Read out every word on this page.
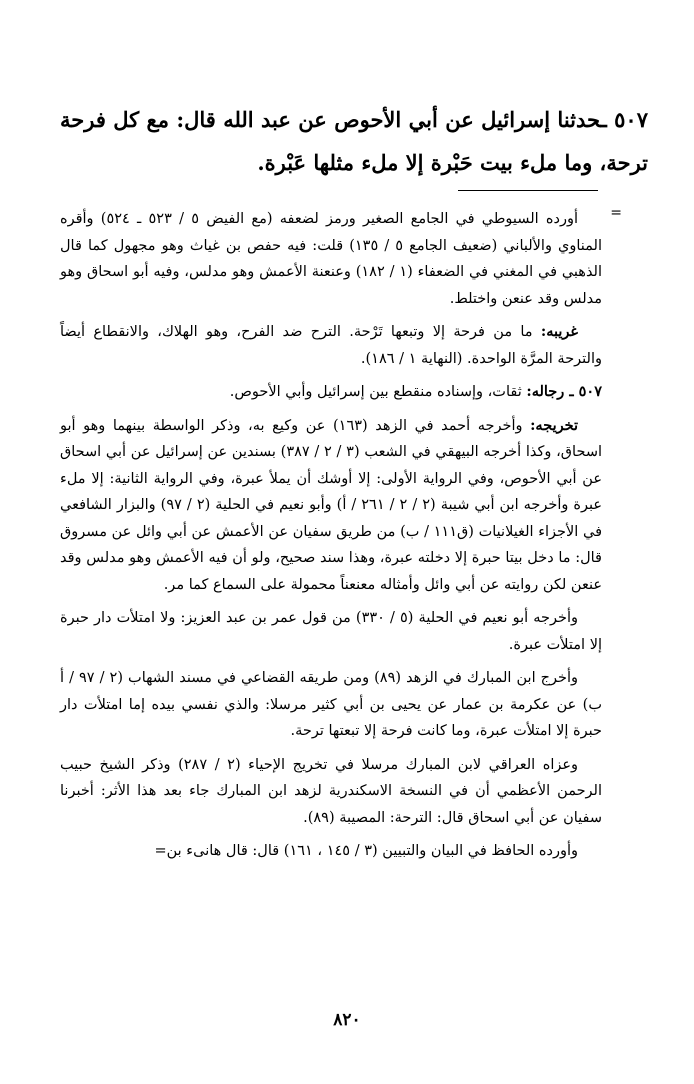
٥٠٧ ـحدثنا إسرائيل عن أبي الأحوص عن عبد الله قال: مع كل فرحة ترحة، وما ملء بيت حَبْرة إلا ملء مثلها عَبْرة.
=

أورده السيوطي في الجامع الصغير ورمز لضعفه (مع الفيض ٥ / ٥٢٣ ـ ٥٢٤) وأقره المناوي والألباني (ضعيف الجامع ٥ / ١٣٥) قلت: فيه حفص بن غياث وهو مجهول كما قال الذهبي في المغني في الضعفاء (١ / ١٨٢) وعنعنة الأعمش وهو مدلس، وفيه أبو اسحاق وهو مدلس وقد عنعن واختلط.

غريبه: ما من فرحة إلا وتبعها تَرْحة. الترح ضد الفرح، وهو الهلاك، والانقطاع أيضاً والترحة المرَّة الواحدة. (النهاية ١ / ١٨٦).

٥٠٧ ـ رجاله: ثقات، وإسناده منقطع بين إسرائيل وأبي الأحوص.

تخريجه: وأخرجه أحمد في الزهد (١٦٣) عن وكيع به، وذكر الواسطة بينهما وهو أبو اسحاق، وكذا أخرجه البيهقي في الشعب (٣ / ٢ / ٣٨٧) بسندين عن إسرائيل عن أبي اسحاق عن أبي الأحوص، وفي الرواية الأولى: إلا أوشك أن يملأ عبرة، وفي الرواية الثانية: إلا ملء عبرة وأخرجه ابن أبي شيبة (٢ / ٢ / ٢٦١ / أ) وأبو نعيم في الحلية (٢ / ٩٧) والبزار الشافعي في الأجزاء الغيلانيات (ق١١١ / ب) من طريق سفيان عن الأعمش عن أبي وائل عن مسروق قال: ما دخل بيتا حبرة إلا دخلته عبرة، وهذا سند صحيح، ولو أن فيه الأعمش وهو مدلس وقد عنعن لكن روايته عن أبي وائل وأمثاله معنعناً محمولة على السماع كما مر.

وأخرجه أبو نعيم في الحلية (٥ / ٣٣٠) من قول عمر بن عبد العزيز: ولا امتلأت دار حبرة إلا امتلأت عبرة.

وأخرج ابن المبارك في الزهد (٨٩) ومن طريقه القضاعي في مسند الشهاب (٢ / ٩٧ / أ ب) عن عكرمة بن عمار عن يحيى بن أبي كثير مرسلا: والذي نفسي بيده إما امتلأت دار حبرة إلا امتلأت عبرة، وما كانت فرحة إلا تبعتها ترحة.

وعزاه العراقي لابن المبارك مرسلا في تخريج الإحياء (٢ / ٢٨٧) وذكر الشيخ حبيب الرحمن الأعظمي أن في النسخة الاسكندرية لزهد ابن المبارك جاء بعد هذا الأثر: أخبرنا سفيان عن أبي اسحاق قال: الترحة: المصيبة (٨٩).

وأورده الحافظ في البيان والتبيين (٣ / ١٤٥ ، ١٦١) قال: قال هانىء بن=

٨٢٠
